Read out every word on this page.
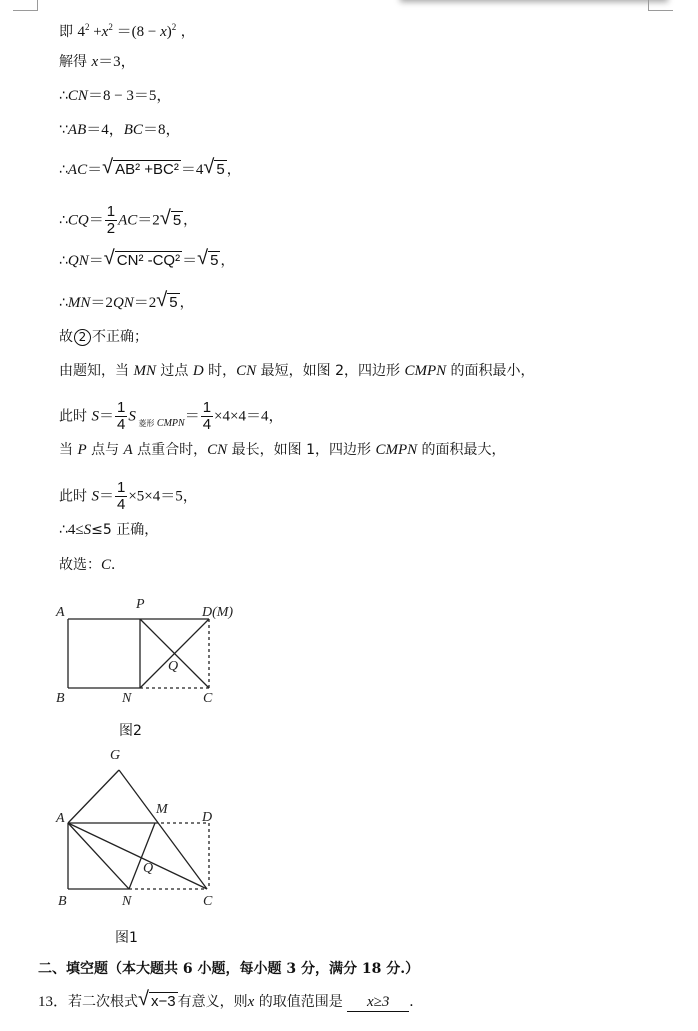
即 $4^2 +x^2 =(8 - x)^2$ ，
解得 x＝3，
∴CN＝8 − 3＝5，
∵AB＝4，BC＝8，
∴AC＝ √ AB² +BC² ＝4 √ 5 ，
∴CQ＝ $\frac{1}{2} AC=2$ √ 5 ，
∴QN＝ √ CN² -CQ² ＝ √ 5 ，
∴MN＝2QN＝2 √ 5 ，
故 2 不正确；
由题知，当 MN 过点 D 时，CN 最短，如图 2，四边形 CMPN 的面积最小，
此时 $S= \frac{1}{4}$ S $_{菱形 CMPN}= \frac{1}{4} \times 4\times 4=4$，
当 P 点与 A 点重合时，CN 最长，如图 1，四边形 CMPN 的面积最大，
此时 $S= \frac{1}{4} \times 5\times 4=5$，
∴4≤S≤5 正确，
故选：C．
A
P
D(M)
B	N	C
Q
图2
G
A
M
D
B	N	C
Q
图1
二、填空题（本大题共 6 小题，每小题 3 分，满分 18 分.）
13．若二次根式 √ x−3 有意义，则x 的取值范围是 x≥3 ．
